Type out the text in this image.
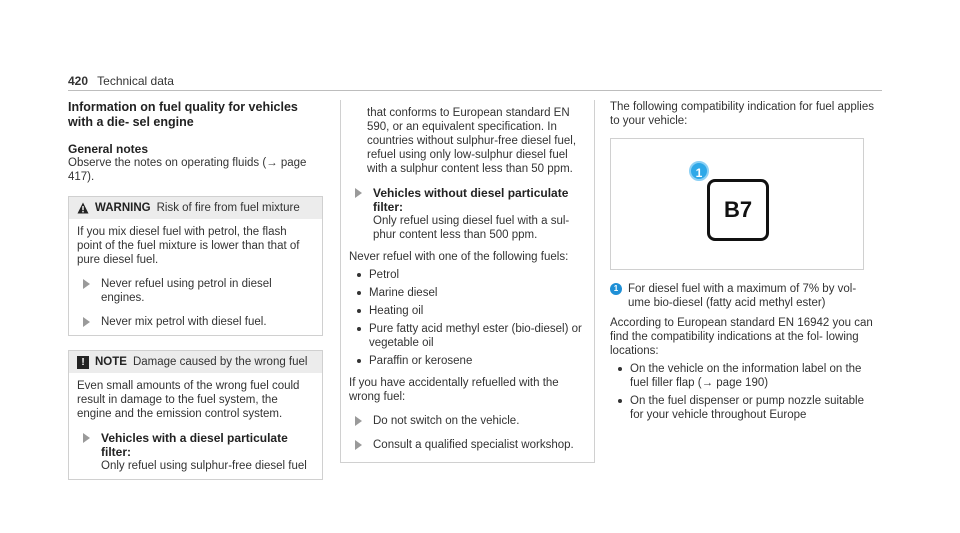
420 Technical data
Information on fuel quality for vehicles with a die- sel engine
General notes

Observe the notes on operating fluids (→ page 417).

WARNING Risk of fire from fuel mixture

If you mix diesel fuel with petrol, the flash point of the fuel mixture is lower than that of pure diesel fuel.

Never refuel using petrol in diesel engines.
Never mix petrol with diesel fuel.
! NOTE Damage caused by the wrong fuel

Even small amounts of the wrong fuel could result in damage to the fuel system, the engine and the emission control system.

Vehicles with a diesel particulate filter:
Only refuel using sulphur-free diesel fuel

that conforms to European standard EN 590, or an equivalent specification. In countries without sulphur-free diesel fuel, refuel using only low-sulphur diesel fuel with a sulphur content less than 50 ppm.

Vehicles without diesel particulate filter:
Only refuel using diesel fuel with a sul- phur content less than 500 ppm.

Never refuel with one of the following fuels:

Petrol
Marine diesel
Heating oil
Pure fatty acid methyl ester (bio-diesel) or vegetable oil
Paraffin or kerosene

If you have accidentally refuelled with the wrong fuel:

Do not switch on the vehicle.
Consult a qualified specialist workshop.

The following compatibility indication for fuel applies to your vehicle:

1
B7
1 For diesel fuel with a maximum of 7% by vol- ume bio-diesel (fatty acid methyl ester)

According to European standard EN 16942 you can find the compatibility indications at the fol- lowing locations:

On the vehicle on the information label on the fuel filler flap (→ page 190)
On the fuel dispenser or pump nozzle suitable for your vehicle throughout Europe
